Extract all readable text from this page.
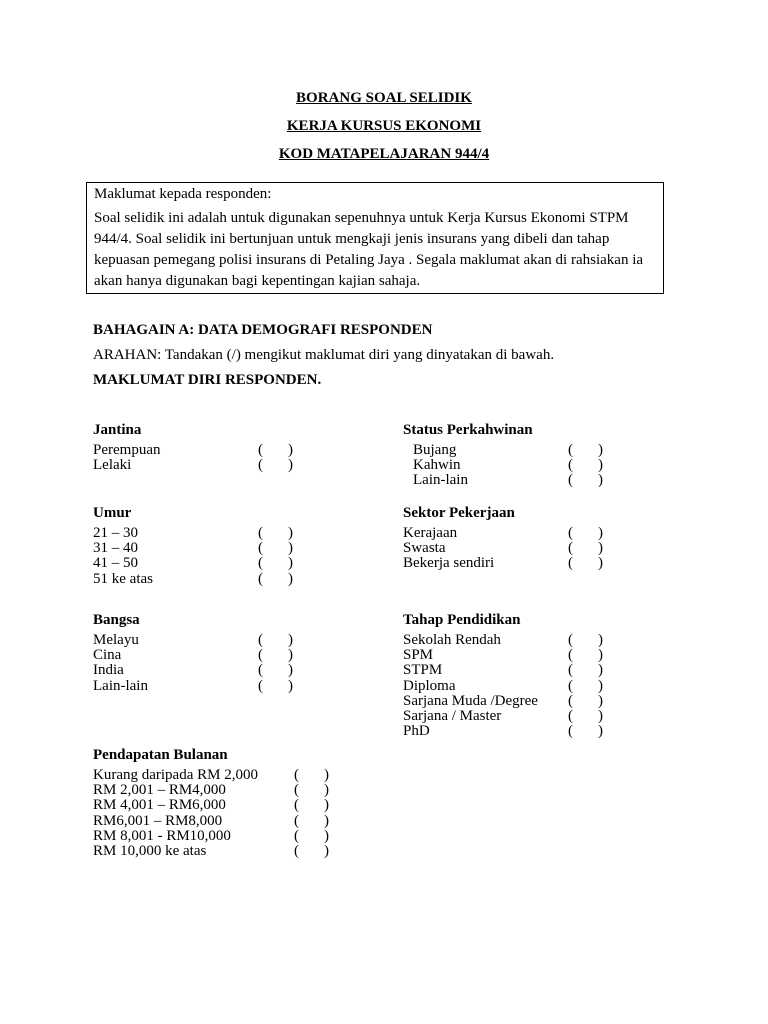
BORANG SOAL SELIDIK
KERJA KURSUS EKONOMI
KOD MATAPELAJARAN 944/4
Maklumat kepada responden:
Soal selidik ini adalah untuk digunakan sepenuhnya untuk Kerja Kursus Ekonomi STPM 944/4. Soal selidik ini bertunjuan untuk mengkaji jenis insurans yang dibeli dan tahap kepuasan pemegang polisi insurans di Petaling Jaya . Segala maklumat akan di rahsiakan ia akan hanya digunakan bagi kepentingan kajian sahaja.
BAHAGAIN A: DATA DEMOGRAFI RESPONDEN
ARAHAN: Tandakan (/) mengikut maklumat diri yang dinyatakan di bawah.
MAKLUMAT DIRI RESPONDEN.
Jantina
Perempuan	( )
Lelaki	( )
Status Perkahwinan
Bujang	( )
Kahwin	( )
Lain-lain	( )
Umur
21 – 30	( )
31 – 40	( )
41 – 50	( )
51 ke atas	( )
Sektor Pekerjaan
Kerajaan	( )
Swasta	( )
Bekerja sendiri	( )
Bangsa
Melayu	( )
Cina	( )
India	( )
Lain-lain	( )
Tahap Pendidikan
Sekolah Rendah	( )
SPM	( )
STPM	( )
Diploma	( )
Sarjana Muda /Degree ( )
Sarjana / Master	( )
PhD	( )
Pendapatan Bulanan
Kurang daripada RM 2,000 ( )
RM 2,001 – RM4,000	( )
RM 4,001 – RM6,000	( )
RM6,001 – RM8,000	( )
RM 8,001 - RM10,000	( )
RM 10,000 ke atas	( )
